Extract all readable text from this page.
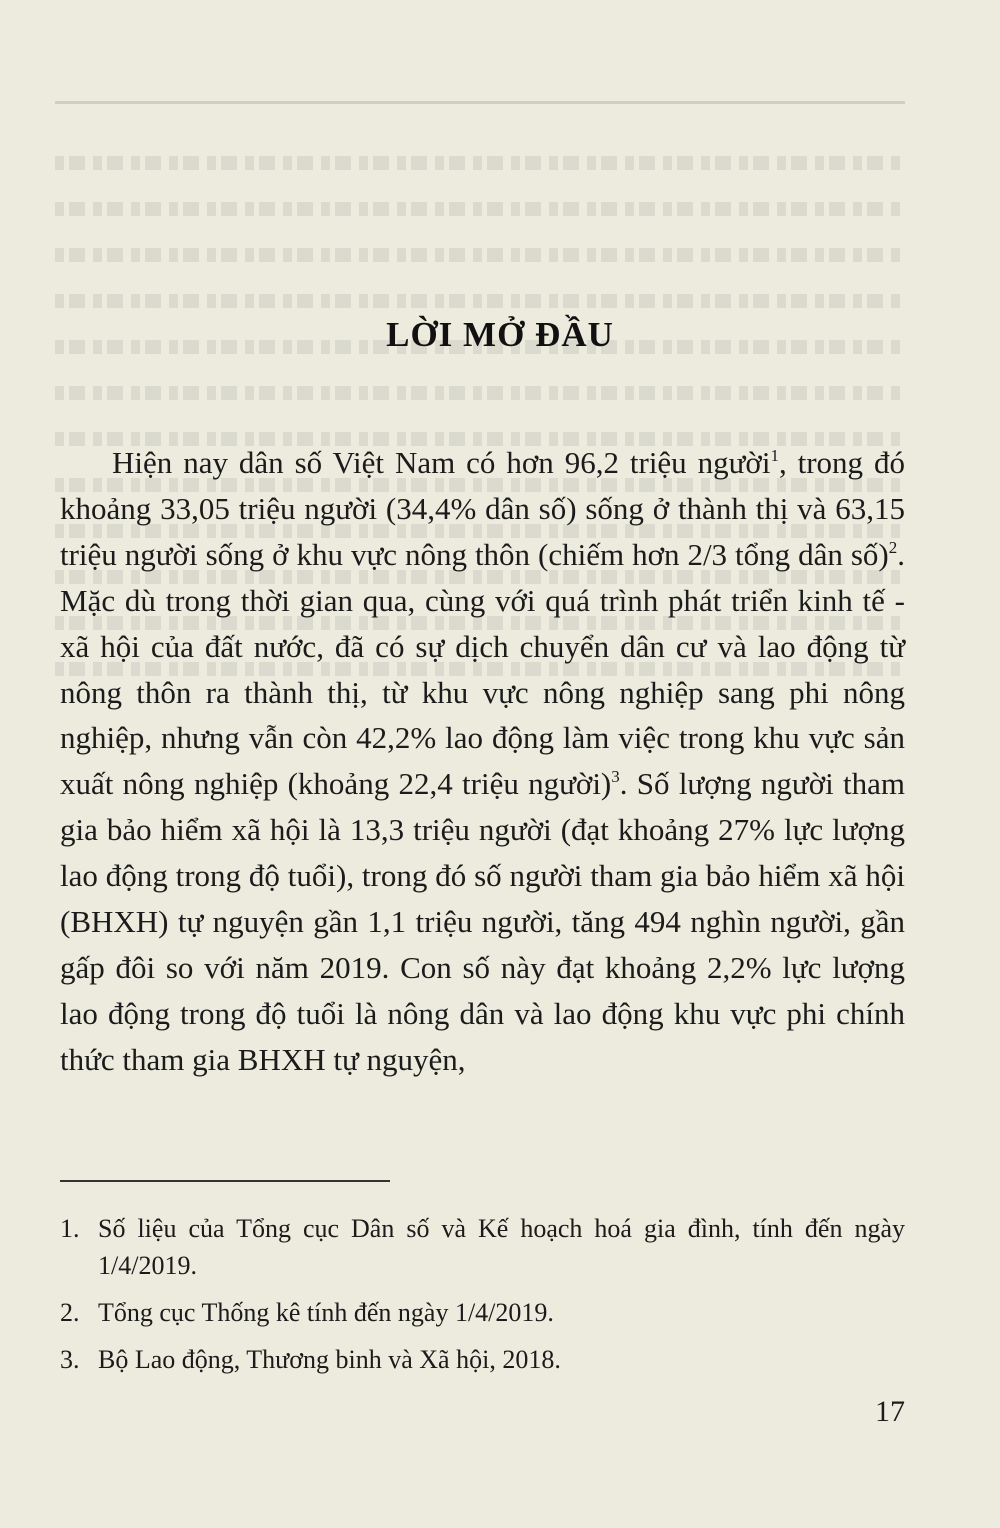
LỜI MỞ ĐẦU

Hiện nay dân số Việt Nam có hơn 96,2 triệu người$^1$, trong đó khoảng 33,05 triệu người (34,4% dân số) sống ở thành thị và 63,15 triệu người sống ở khu vực nông thôn (chiếm hơn 2/3 tổng dân số)$^2$. Mặc dù trong thời gian qua, cùng với quá trình phát triển kinh tế - xã hội của đất nước, đã có sự dịch chuyển dân cư và lao động từ nông thôn ra thành thị, từ khu vực nông nghiệp sang phi nông nghiệp, nhưng vẫn còn 42,2% lao động làm việc trong khu vực sản xuất nông nghiệp (khoảng 22,4 triệu người)$^3$. Số lượng người tham gia bảo hiểm xã hội là 13,3 triệu người (đạt khoảng 27% lực lượng lao động trong độ tuổi), trong đó số người tham gia bảo hiểm xã hội (BHXH) tự nguyện gần 1,1 triệu người, tăng 494 nghìn người, gần gấp đôi so với năm 2019. Con số này đạt khoảng 2,2% lực lượng lao động trong độ tuổi là nông dân và lao động khu vực phi chính thức tham gia BHXH tự nguyện,

1. Số liệu của Tổng cục Dân số và Kế hoạch hoá gia đình, tính đến ngày 1/4/2019.
2. Tổng cục Thống kê tính đến ngày 1/4/2019.
3. Bộ Lao động, Thương binh và Xã hội, 2018.
17
